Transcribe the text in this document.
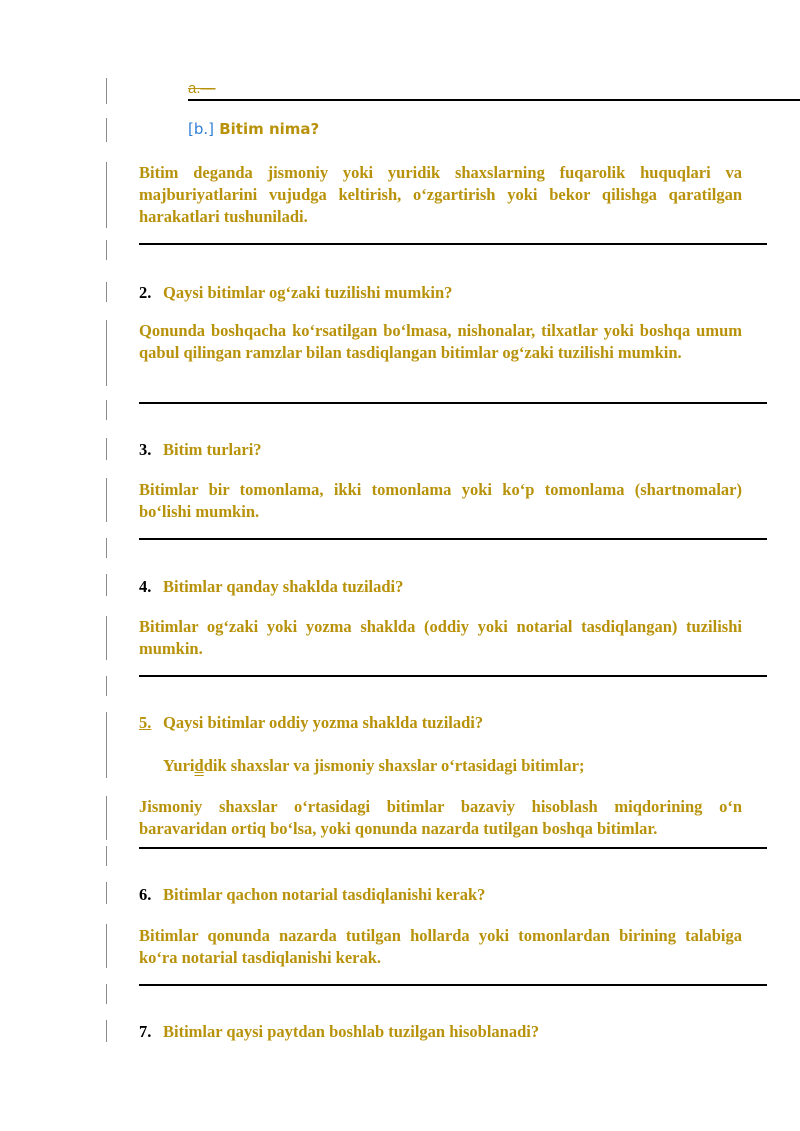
a.—
[b.] Bitim nima?
Bitim deganda jismoniy yoki yuridik shaxslarning fuqarolik huquqlari va majburiyatlarini vujudga keltirish, oʻzgartirish yoki bekor qilishga qaratilgan harakatlari tushuniladi.
2. Qaysi bitimlar ogʻzaki tuzilishi mumkin?
Qonunda boshqacha koʻrsatilgan boʻlmasa, nishonalar, tilxatlar yoki boshqa umum qabul qilingan ramzlar bilan tasdiqlangan bitimlar ogʻzaki tuzilishi mumkin.
3. Bitim turlari?
Bitimlar bir tomonlama, ikki tomonlama yoki koʻp tomonlama (shartnomalar) boʻlishi mumkin.
4. Bitimlar qanday shaklda tuziladi?
Bitimlar ogʻzaki yoki yozma shaklda (oddiy yoki notarial tasdiqlangan) tuzilishi mumkin.
5. Qaysi bitimlar oddiy yozma shaklda tuziladi?
Yuriddik shaxslar va jismoniy shaxslar oʻrtasidagi bitimlar;
Jismoniy shaxslar oʻrtasidagi bitimlar bazaviy hisoblash miqdorining oʻn baravaridan ortiq boʻlsa, yoki qonunda nazarda tutilgan boshqa bitimlar.
6. Bitimlar qachon notarial tasdiqlanishi kerak?
Bitimlar qonunda nazarda tutilgan hollarda yoki tomonlardan birining talabiga koʻra notarial tasdiqlanishi kerak.
7. Bitimlar qaysi paytdan boshlab tuzilgan hisoblanadi?
